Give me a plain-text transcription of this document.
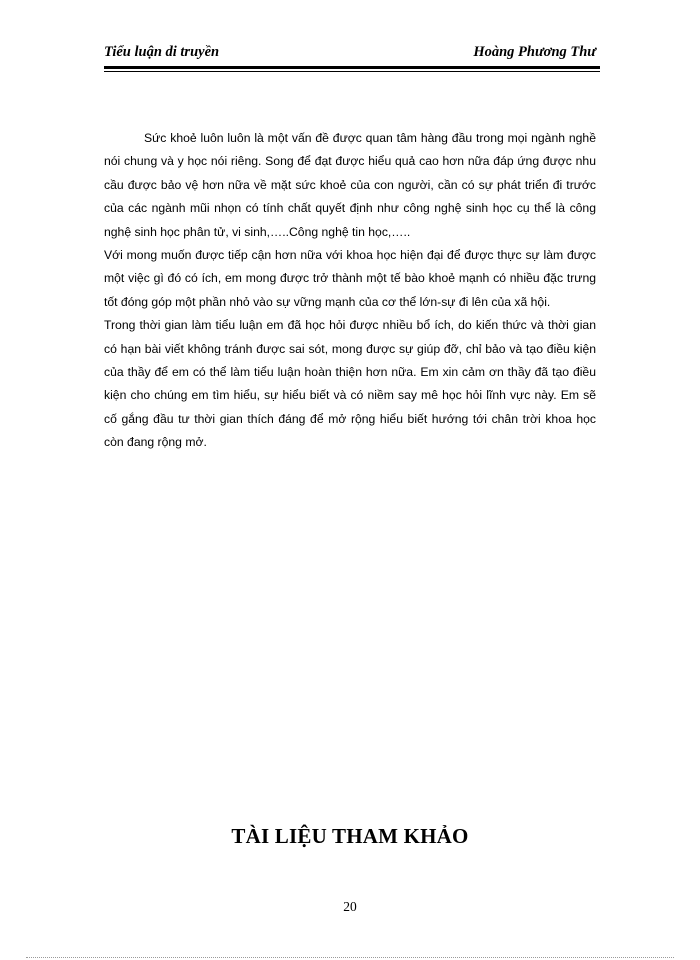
Tiểu luận di truyền	Hoàng Phương Thư

Sức khoẻ luôn luôn là một vấn đề được quan tâm hàng đầu trong mọi ngành nghề nói chung và y học nói riêng. Song để đạt được hiểu quả cao hơn nữa đáp ứng được nhu cầu được bảo vệ hơn nữa về mặt sức khoẻ của con người, cần có sự phát triển đi trước của các ngành mũi nhọn có tính chất quyết định như công nghệ sinh học cụ thể là công nghệ sinh học phân tử, vi sinh,…..Công nghệ tin học,…..

Với mong muốn được tiếp cận hơn nữa với khoa học hiện đại để được thực sự làm được một việc gì đó có ích, em mong được trở thành một tế bào khoẻ mạnh có nhiều đặc trưng tốt đóng góp một phần nhỏ vào sự vững mạnh của cơ thể lớn-sự đi lên của xã hội.

Trong thời gian làm tiểu luận em đã học hỏi được nhiều bổ ích, do kiến thức và thời gian có hạn bài viết không tránh được sai sót, mong được sự giúp đỡ, chỉ bảo và tạo điều kiện của thầy để em có thể làm tiểu luận hoàn thiện hơn nữa. Em xin cảm ơn thầy đã tạo điều kiện cho chúng em tìm hiểu, sự hiểu biết và có niềm say mê học hỏi lĩnh vực này. Em sẽ cố gắng đầu tư thời gian thích đáng để mở rộng hiểu biết hướng tới chân trời khoa học còn đang rộng mở.

TÀI LIỆU THAM KHẢO
20
